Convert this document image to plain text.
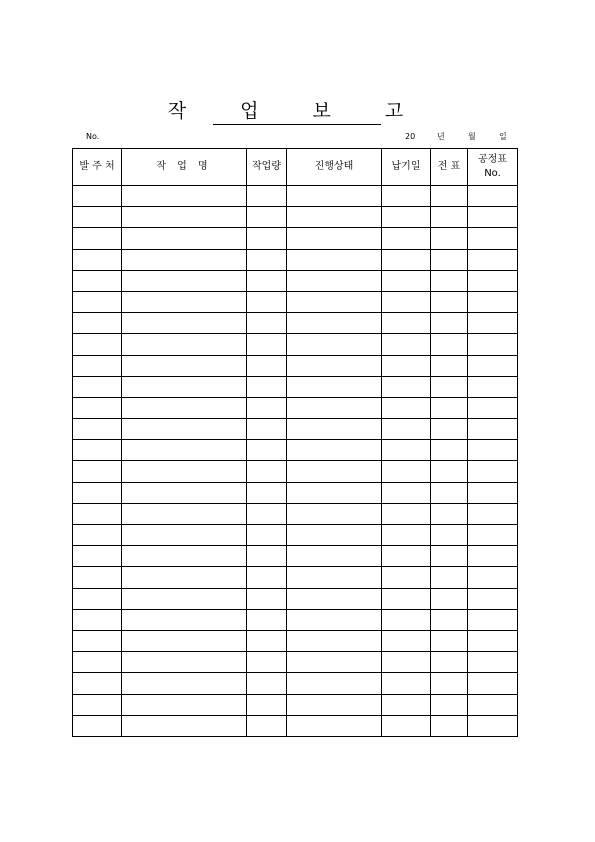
작 업 보 고
No.	20	년	월	일
발 주 처	작 업 명	작업량	진행상태	납기일	전 표	공정표
No.
